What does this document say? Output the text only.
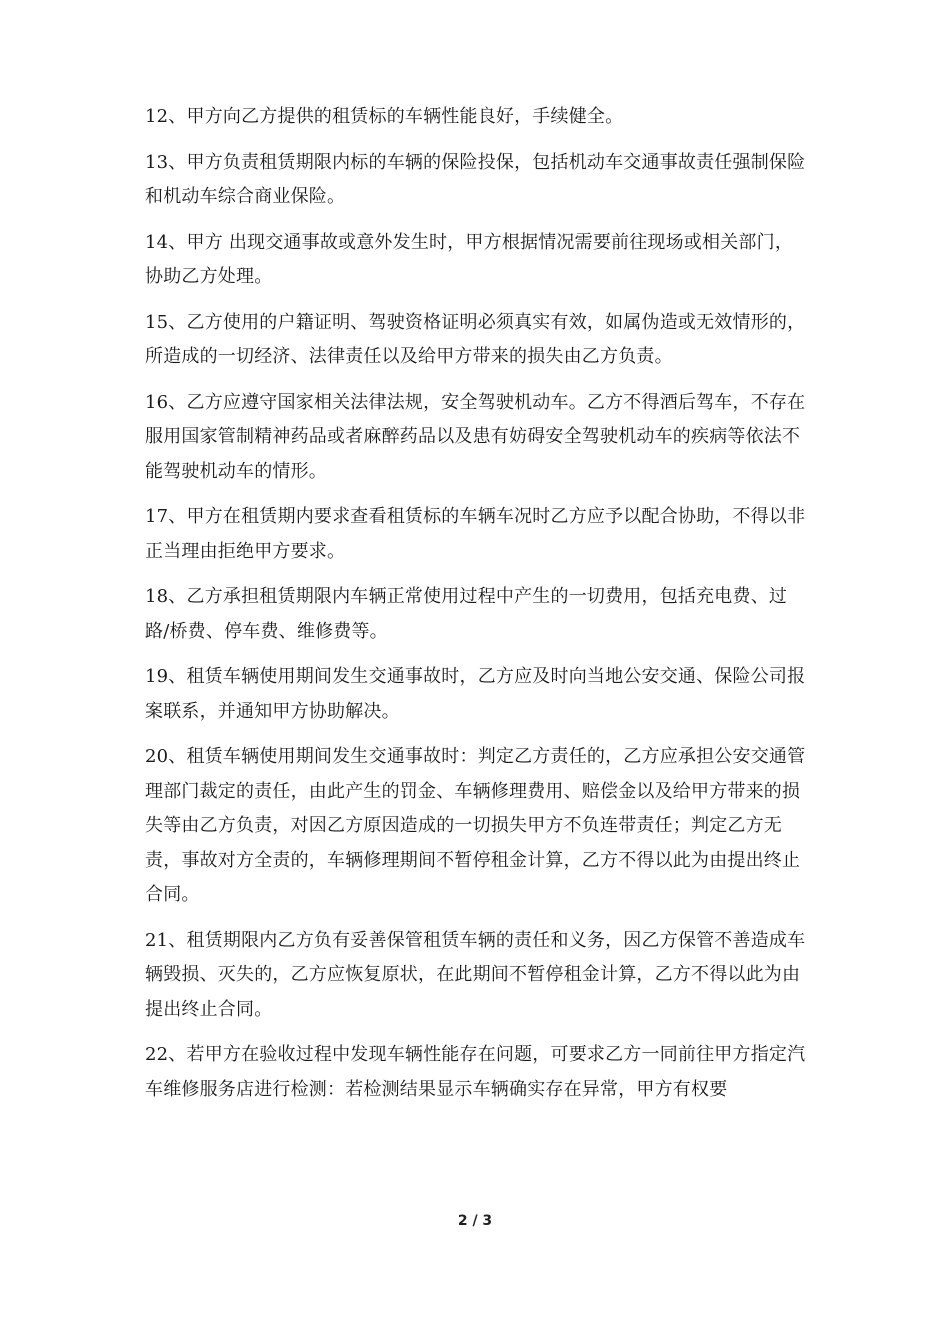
12、甲方向乙方提供的租赁标的车辆性能良好，手续健全。

13、甲方负责租赁期限内标的车辆的保险投保，包括机动车交通事故责任强制保险和机动车综合商业保险。

14、甲方 出现交通事故或意外发生时，甲方根据情况需要前往现场或相关部门，协助乙方处理。

15、乙方使用的户籍证明、驾驶资格证明必须真实有效，如属伪造或无效情形的，所造成的一切经济、法律责任以及给甲方带来的损失由乙方负责。

16、乙方应遵守国家相关法律法规，安全驾驶机动车。乙方不得酒后驾车，不存在服用国家管制精神药品或者麻醉药品以及患有妨碍安全驾驶机动车的疾病等依法不能驾驶机动车的情形。

17、甲方在租赁期内要求查看租赁标的车辆车况时乙方应予以配合协助，不得以非正当理由拒绝甲方要求。

18、乙方承担租赁期限内车辆正常使用过程中产生的一切费用，包括充电费、过路/桥费、停车费、维修费等。

19、租赁车辆使用期间发生交通事故时，乙方应及时向当地公安交通、保险公司报案联系，并通知甲方协助解决。

20、租赁车辆使用期间发生交通事故时：判定乙方责任的，乙方应承担公安交通管理部门裁定的责任，由此产生的罚金、车辆修理费用、赔偿金以及给甲方带来的损失等由乙方负责，对因乙方原因造成的一切损失甲方不负连带责任；判定乙方无责，事故对方全责的，车辆修理期间不暂停租金计算，乙方不得以此为由提出终止合同。

21、租赁期限内乙方负有妥善保管租赁车辆的责任和义务，因乙方保管不善造成车辆毁损、灭失的，乙方应恢复原状，在此期间不暂停租金计算，乙方不得以此为由提出终止合同。

22、若甲方在验收过程中发现车辆性能存在问题，可要求乙方一同前往甲方指定汽车维修服务店进行检测：若检测结果显示车辆确实存在异常，甲方有权要

2 / 3
